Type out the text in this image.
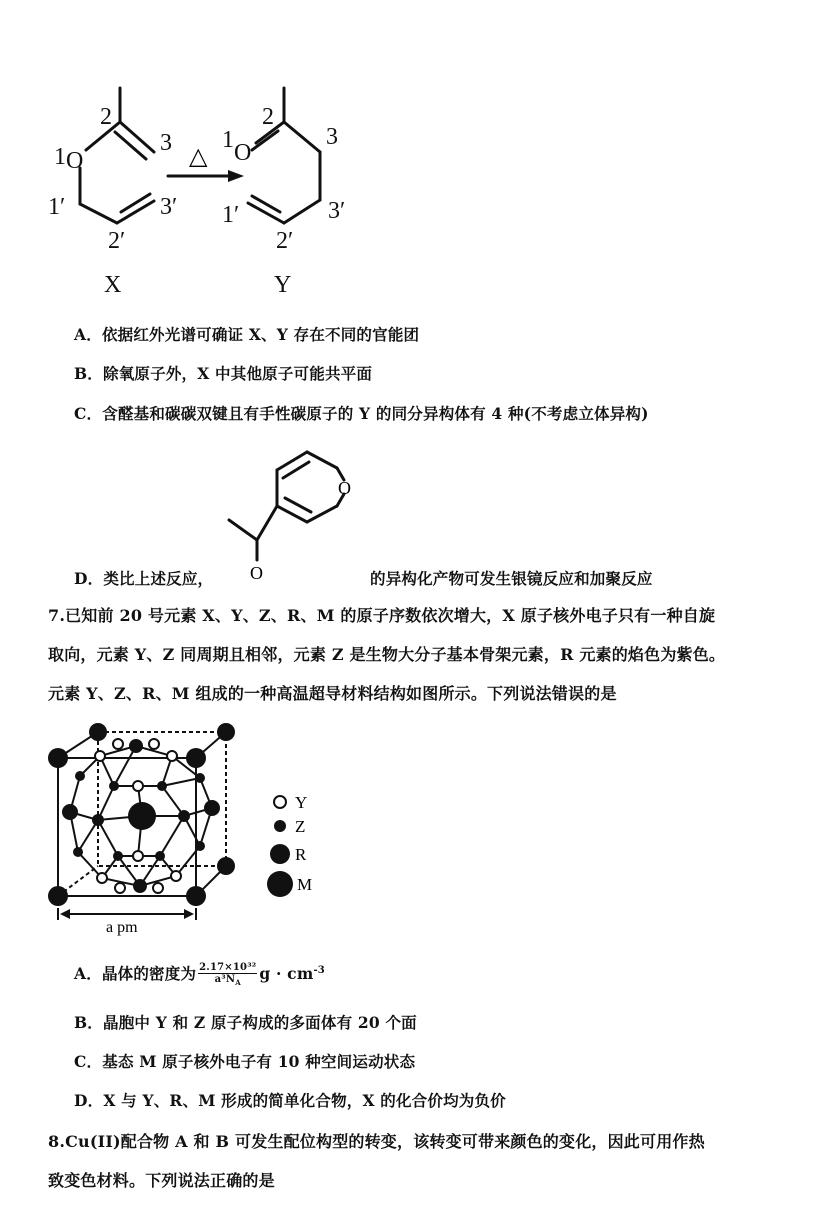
1 O
2
3
1′
2′
3′
X
△
1 O
2
3
1′
2′
3′
Y
A．依据红外光谱可确证 X、Y 存在不同的官能团
B．除氧原子外，X 中其他原子可能共平面
C．含醛基和碳碳双键且有手性碳原子的 Y 的同分异构体有 4 种(不考虑立体异构)
O
O
D．类比上述反应，	的异构化产物可发生银镜反应和加聚反应
7.已知前 20 号元素 X、Y、Z、R、M 的原子序数依次增大，X 原子核外电子只有一种自旋
取向，元素 Y、Z 同周期且相邻，元素 Z 是生物大分子基本骨架元素，R 元素的焰色为紫色。
元素 Y、Z、R、M 组成的一种高温超导材料结构如图所示。下列说法错误的是
a pm
Y
Z
R
M
A．晶体的密度为 $\frac{\text{2.17×10³²}}{a^3N_A}$ $g \cdot cm^{-3}$
B．晶胞中 Y 和 Z 原子构成的多面体有 20 个面
C．基态 M 原子核外电子有 10 种空间运动状态
D．X 与 Y、R、M 形成的简单化合物，X 的化合价均为负价
8.Cu(II)配合物 A 和 B 可发生配位构型的转变，该转变可带来颜色的变化，因此可用作热
致变色材料。下列说法正确的是
